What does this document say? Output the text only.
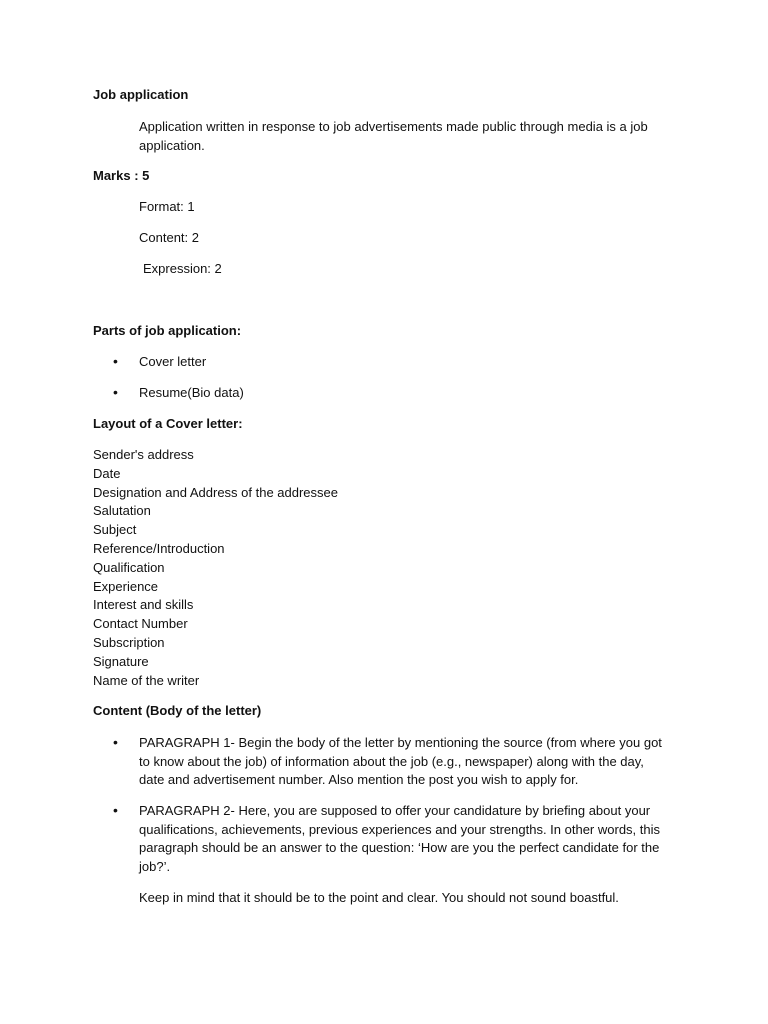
Job application
Application written in response to job advertisements made public through media is a job application.
Marks : 5
Format: 1
Content: 2
Expression: 2
Parts of job application:
• Cover letter
• Resume(Bio data)
Layout of a Cover letter:
Sender's address
Date
Designation and Address of the addressee
Salutation
Subject
Reference/Introduction
Qualification
Experience
Interest and skills
Contact Number
Subscription
Signature
Name of the writer
Content (Body of the letter)
• PARAGRAPH 1- Begin the body of the letter by mentioning the source (from where you got to know about the job) of information about the job (e.g., newspaper) along with the day, date and advertisement number. Also mention the post you wish to apply for.
• PARAGRAPH 2- Here, you are supposed to offer your candidature by briefing about your qualifications, achievements, previous experiences and your strengths. In other words, this paragraph should be an answer to the question: ‘How are you the perfect candidate for the job?’.
Keep in mind that it should be to the point and clear. You should not sound boastful.
